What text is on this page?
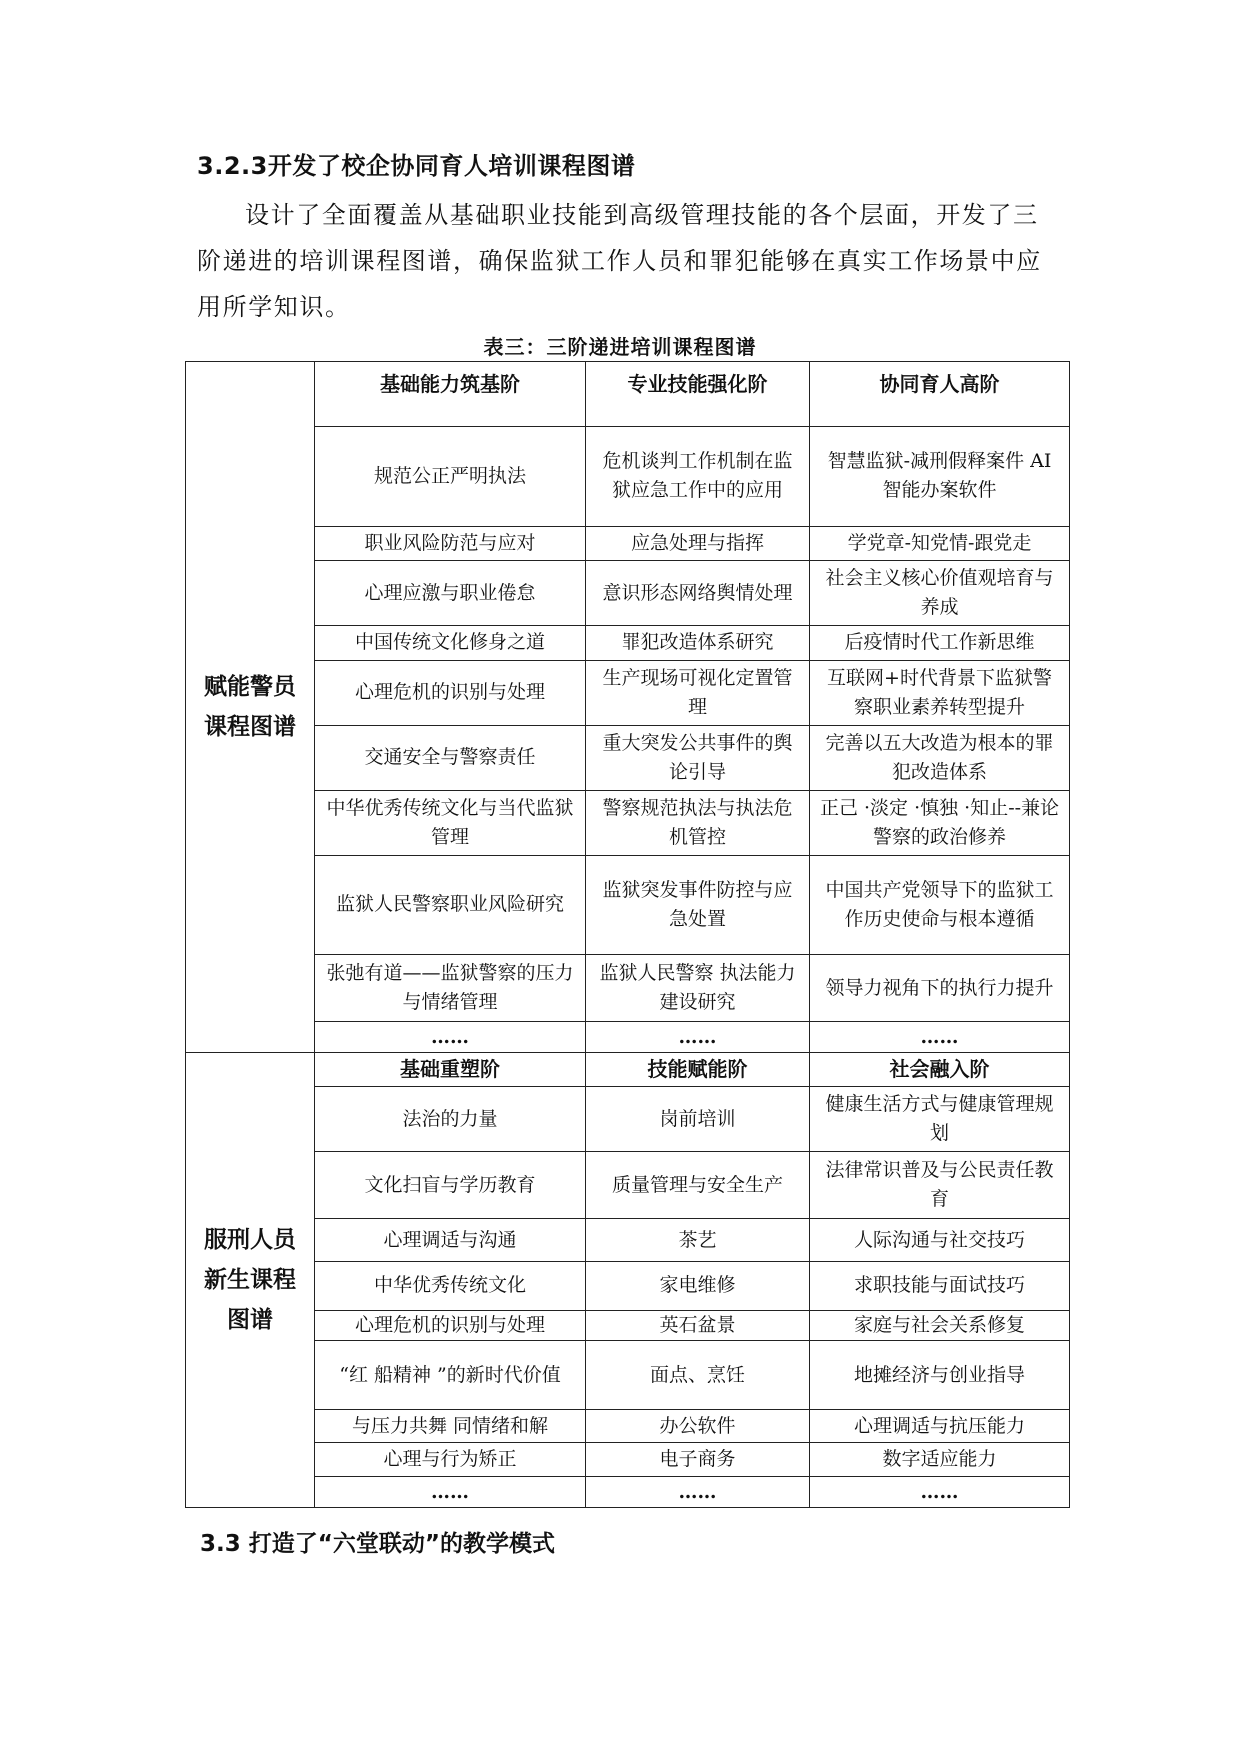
3.2.3开发了校企协同育人培训课程图谱

设计了全面覆盖从基础职业技能到高级管理技能的各个层面，开发了三阶递进的培训课程图谱，确保监狱工作人员和罪犯能够在真实工作场景中应用所学知识。

表三：三阶递进培训课程图谱
赋能警员
课程图谱	基础能力筑基阶	专业技能强化阶	协同育人高阶
	规范公正严明执法	危机谈判工作机制在监狱应急工作中的应用	智慧监狱-减刑假释案件 AI 智能办案软件
	职业风险防范与应对	应急处理与指挥	学党章-知党情-跟党走
	心理应激与职业倦怠	意识形态网络舆情处理	社会主义核心价值观培育与养成
	中国传统文化修身之道	罪犯改造体系研究	后疫情时代工作新思维
	心理危机的识别与处理	生产现场可视化定置管理	互联网+时代背景下监狱警察职业素养转型提升
	交通安全与警察责任	重大突发公共事件的舆论引导	完善以五大改造为根本的罪犯改造体系
	中华优秀传统文化与当代监狱管理	警察规范执法与执法危机管控	正己 ·淡定 ·慎独 ·知止--兼论警察的政治修养
	监狱人民警察职业风险研究	监狱突发事件防控与应急处置	中国共产党领导下的监狱工作历史使命与根本遵循
	张弛有道——监狱警察的压力与情绪管理	监狱人民警察 执法能力建设研究	领导力视角下的执行力提升
	……	……	……

服刑人员
新生课程
图谱	基础重塑阶	技能赋能阶	社会融入阶
	法治的力量	岗前培训	健康生活方式与健康管理规划
	文化扫盲与学历教育	质量管理与安全生产	法律常识普及与公民责任教育
	心理调适与沟通	茶艺	人际沟通与社交技巧
	中华优秀传统文化	家电维修	求职技能与面试技巧
	心理危机的识别与处理	英石盆景	家庭与社会关系修复
	“红 船精神 ”的新时代价值	面点、烹饪	地摊经济与创业指导
	与压力共舞 同情绪和解	办公软件	心理调适与抗压能力
	心理与行为矫正	电子商务	数字适应能力
	……	……	……
3.3 打造了“六堂联动”的教学模式
